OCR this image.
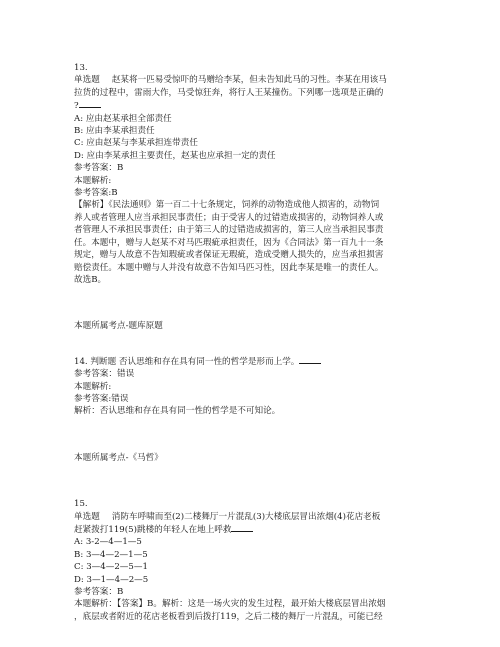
13.
单选题 赵某将一匹易受惊吓的马赠给李某，但未告知此马的习性。李某在用该马
拉货的过程中，雷雨大作，马受惊狂奔，将行人王某撞伤。下列哪一选项是正确的
?
A: 应由赵某承担全部责任
B: 应由李某承担责任
C: 应由赵某与李某承担连带责任
D: 应由李某承担主要责任，赵某也应承担一定的责任
参考答案：B
本题解析:
参考答案:B
【解析】《民法通则》第一百二十七条规定，饲养的动物造成他人损害的，动物饲
养人或者管理人应当承担民事责任；由于受害人的过错造成损害的，动物饲养人或
者管理人不承担民事责任；由于第三人的过错造成损害的，第三人应当承担民事责
任。本题中，赠与人赵某不对马匹瑕疵承担责任，因为《合同法》第一百九十一条
规定，赠与人故意不告知瑕疵或者保证无瑕疵，造成受赠人损失的，应当承担损害
赔偿责任。本题中赠与人并没有故意不告知马匹习性，因此李某是唯一的责任人。
故选B。
本题所属考点-题库原题
14. 判断题 否认思维和存在具有同一性的哲学是形而上学。
参考答案：错误
本题解析:
参考答案:错误
解析：否认思维和存在具有同一性的哲学是不可知论。
本题所属考点-《马哲》
15.
单选题 消防车呼啸而至(2)二楼舞厅一片混乱(3)大楼底层冒出浓烟(4)花店老板
赶紧拨打119(5)跳楼的年轻人在地上呼救
A: 3-2—4—1—5
B: 3—4—2—1—5
C: 3—4—2—5—1
D: 3—1—4—2—5
参考答案：B
本题解析：【答案】B。解析：这是一场火灾的发生过程，最开始大楼底层冒出浓烟
，底层或者附近的花店老板看到后拨打119，之后二楼的舞厅一片混乱，可能已经
